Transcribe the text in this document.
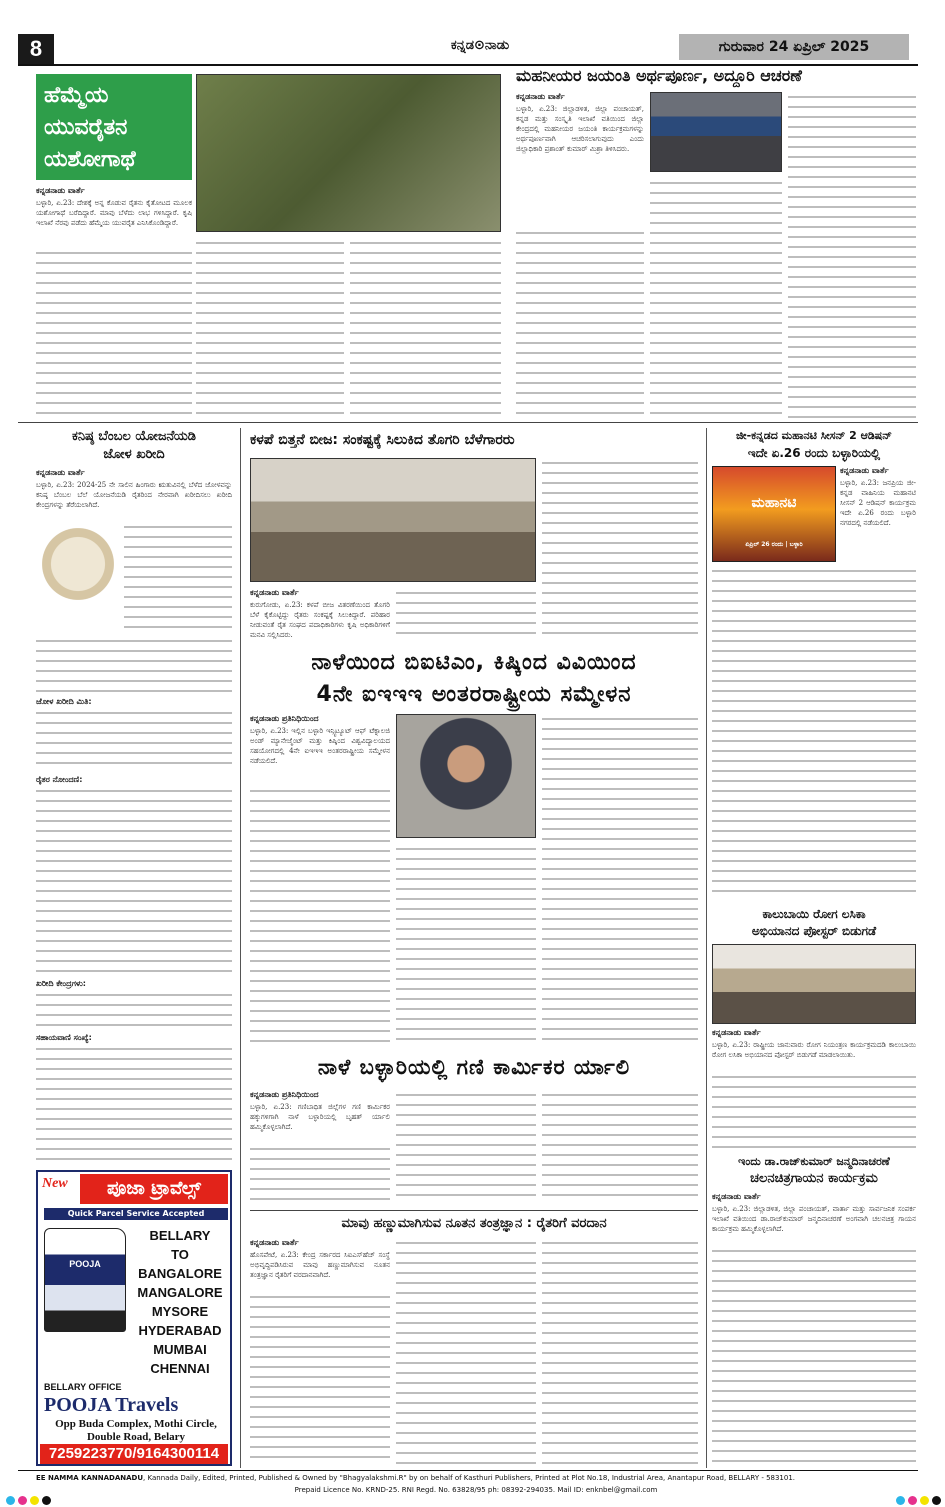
8	ಕನ್ನಡ⊙ನಾಡು	ಗುರುವಾರ 24 ಏಪ್ರಿಲ್ 2025
ಹೆಮ್ಮೆಯ
ಯುವರೈತನ
ಯಶೋಗಾಥೆ
ಕನ್ನಡನಾಡು ವಾರ್ತೆ
ಬಳ್ಳಾರಿ, ಏ.23: ದೇಶಕ್ಕೆ ಅನ್ನ ಕೊಡುವ ರೈತನು ಕೈತೋಟದ ಮೂಲಕ ಯಶೋಗಾಥೆ ಬರೆದಿದ್ದಾರೆ. ಮಾವು ಬೆಳೆದು ಲಾಭ ಗಳಿಸಿದ್ದಾರೆ. ಕೃಷಿ ಇಲಾಖೆ ನೆರವು ಪಡೆದು ಹೆಮ್ಮೆಯ ಯುವರೈತ ಎನಿಸಿಕೊಂಡಿದ್ದಾರೆ.
ಮಹನೀಯರ ಜಯಂತಿ ಅರ್ಥಪೂರ್ಣ, ಅದ್ದೂರಿ ಆಚರಣೆ
ಕನ್ನಡನಾಡು ವಾರ್ತೆ
ಬಳ್ಳಾರಿ, ಏ.23: ಜಿಲ್ಲಾಡಳಿತ, ಜಿಲ್ಲಾ ಪಂಚಾಯತ್, ಕನ್ನಡ ಮತ್ತು ಸಂಸ್ಕೃತಿ ಇಲಾಖೆ ವತಿಯಿಂದ ಜಿಲ್ಲಾ ಕೇಂದ್ರದಲ್ಲಿ ಮಹನೀಯರ ಜಯಂತಿ ಕಾರ್ಯಕ್ರಮಗಳನ್ನು ಅರ್ಥಪೂರ್ಣವಾಗಿ ಆಚರಿಸಲಾಗುವುದು ಎಂದು ಜಿಲ್ಲಾಧಿಕಾರಿ ಪ್ರಶಾಂತ್ ಕುಮಾರ್ ಮಿಶ್ರಾ ತಿಳಿಸಿದರು.
ಕನಿಷ್ಠ ಬೆಂಬಲ ಯೋಜನೆಯಡಿ
ಜೋಳ ಖರೀದಿ
ಕನ್ನಡನಾಡು ವಾರ್ತೆ
ಬಳ್ಳಾರಿ, ಏ.23: 2024-25 ನೇ ಸಾಲಿನ ಹಿಂಗಾರು ಋತುವಿನಲ್ಲಿ ಬೆಳೆದ ಜೋಳವನ್ನು ಕನಿಷ್ಠ ಬೆಂಬಲ ಬೆಲೆ ಯೋಜನೆಯಡಿ ರೈತರಿಂದ ನೇರವಾಗಿ ಖರೀದಿಸಲು ಖರೀದಿ ಕೇಂದ್ರಗಳನ್ನು ತೆರೆಯಲಾಗಿದೆ.
ಜೋಳ ಖರೀದಿ ಮಿತಿ:
ರೈತರ ನೋಂದಣಿ:
ಖರೀದಿ ಕೇಂದ್ರಗಳು:
ಸಹಾಯವಾಣಿ ಸಂಖ್ಯೆ:
ಕಳಪೆ ಬಿತ್ತನೆ ಬೀಜ: ಸಂಕಷ್ಟಕ್ಕೆ ಸಿಲುಕಿದ ತೊಗರಿ ಬೆಳೆಗಾರರು
ಕನ್ನಡನಾಡು ವಾರ್ತೆ
ಕುರುಗೋಡು, ಏ.23: ಕಳಪೆ ಬೀಜ ವಿತರಣೆಯಿಂದ ತೊಗರಿ ಬೆಳೆ ಕೈಕೊಟ್ಟಿದ್ದು ರೈತರು ಸಂಕಷ್ಟಕ್ಕೆ ಸಿಲುಕಿದ್ದಾರೆ. ಪರಿಹಾರ ನೀಡುವಂತೆ ರೈತ ಸಂಘದ ಪದಾಧಿಕಾರಿಗಳು ಕೃಷಿ ಅಧಿಕಾರಿಗಳಿಗೆ ಮನವಿ ಸಲ್ಲಿಸಿದರು.
ಜೀ-ಕನ್ನಡದ ಮಹಾನಟಿ ಸೀಸನ್ 2 ಆಡಿಷನ್
ಇದೇ ಏ.26 ರಂದು ಬಳ್ಳಾರಿಯಲ್ಲಿ
ಮಹಾನಟಿ
ಏಪ್ರಿಲ್ 26 ರಂದು | ಬಳ್ಳಾರಿ
ಕನ್ನಡನಾಡು ವಾರ್ತೆ
ಬಳ್ಳಾರಿ, ಏ.23: ಜನಪ್ರಿಯ ಜೀ-ಕನ್ನಡ ವಾಹಿನಿಯ ಮಹಾನಟಿ ಸೀಸನ್ 2 ಆಡಿಷನ್ ಕಾರ್ಯಕ್ರಮ ಇದೇ ಏ.26 ರಂದು ಬಳ್ಳಾರಿ ನಗರದಲ್ಲಿ ನಡೆಯಲಿದೆ.
ನಾಳೆಯಿಂದ ಬಿಐಟಿಎಂ, ಕಿಷ್ಕಿಂದ ವಿವಿಯಿಂದ
4ನೇ ಐಇಇಇ ಅಂತರರಾಷ್ಟ್ರೀಯ ಸಮ್ಮೇಳನ
ಕನ್ನಡನಾಡು ಪ್ರತಿನಿಧಿಯಿಂದ
ಬಳ್ಳಾರಿ, ಏ.23: ಇಲ್ಲಿನ ಬಳ್ಳಾರಿ ಇನ್ಸ್ಟಿಟ್ಯೂಟ್ ಆಫ್ ಟೆಕ್ನಾಲಜಿ ಅಂಡ್ ಮ್ಯಾನೇಜ್ಮೆಂಟ್ ಮತ್ತು ಕಿಷ್ಕಿಂದ ವಿಶ್ವವಿದ್ಯಾಲಯದ ಸಹಯೋಗದಲ್ಲಿ 4ನೇ ಐಇಇಇ ಅಂತರರಾಷ್ಟ್ರೀಯ ಸಮ್ಮೇಳನ ನಡೆಯಲಿದೆ.
ಕಾಲುಬಾಯಿ ರೋಗ ಲಸಿಕಾ
ಅಭಿಯಾನದ ಪೋಸ್ಟರ್ ಬಿಡುಗಡೆ
ಕನ್ನಡನಾಡು ವಾರ್ತೆ
ಬಳ್ಳಾರಿ, ಏ.23: ರಾಷ್ಟ್ರೀಯ ಜಾನುವಾರು ರೋಗ ನಿಯಂತ್ರಣ ಕಾರ್ಯಕ್ರಮದಡಿ ಕಾಲುಬಾಯಿ ರೋಗ ಲಸಿಕಾ ಅಭಿಯಾನದ ಪೋಸ್ಟರ್ ಬಿಡುಗಡೆ ಮಾಡಲಾಯಿತು.
ನಾಳೆ ಬಳ್ಳಾರಿಯಲ್ಲಿ ಗಣಿ ಕಾರ್ಮಿಕರ ರ್ಯಾಲಿ
ಕನ್ನಡನಾಡು ಪ್ರತಿನಿಧಿಯಿಂದ
ಬಳ್ಳಾರಿ, ಏ.23: ಗಣಿಬಾಧಿತ ಜಿಲ್ಲೆಗಳ ಗಣಿ ಕಾರ್ಮಿಕರ ಹಕ್ಕುಗಳಿಗಾಗಿ ನಾಳೆ ಬಳ್ಳಾರಿಯಲ್ಲಿ ಬೃಹತ್ ರ್ಯಾಲಿ ಹಮ್ಮಿಕೊಳ್ಳಲಾಗಿದೆ.
ಇಂದು ಡಾ.ರಾಜ್‌ಕುಮಾರ್ ಜನ್ಮದಿನಾಚರಣೆ
ಚಲನಚಿತ್ರಗಾಯನ ಕಾರ್ಯಕ್ರಮ
ಕನ್ನಡನಾಡು ವಾರ್ತೆ
ಬಳ್ಳಾರಿ, ಏ.23: ಜಿಲ್ಲಾಡಳಿತ, ಜಿಲ್ಲಾ ಪಂಚಾಯತ್, ವಾರ್ತಾ ಮತ್ತು ಸಾರ್ವಜನಿಕ ಸಂಪರ್ಕ ಇಲಾಖೆ ವತಿಯಿಂದ ಡಾ.ರಾಜ್‌ಕುಮಾರ್ ಜನ್ಮದಿನಾಚರಣೆ ಅಂಗವಾಗಿ ಚಲನಚಿತ್ರ ಗಾಯನ ಕಾರ್ಯಕ್ರಮ ಹಮ್ಮಿಕೊಳ್ಳಲಾಗಿದೆ.
ಮಾವು ಹಣ್ಣುಮಾಗಿಸುವ ನೂತನ ತಂತ್ರಜ್ಞಾನ : ರೈತರಿಗೆ ವರದಾನ
ಕನ್ನಡನಾಡು ವಾರ್ತೆ
ಹೊಸಪೇಟೆ, ಏ.23: ಕೇಂದ್ರ ಸರ್ಕಾರದ ಸಿಐಎಸ್‌ಹೆಚ್ ಸಂಸ್ಥೆ ಅಭಿವೃದ್ಧಿಪಡಿಸಿರುವ ಮಾವು ಹಣ್ಣುಮಾಗಿಸುವ ನೂತನ ತಂತ್ರಜ್ಞಾನ ರೈತರಿಗೆ ವರದಾನವಾಗಿದೆ.
New	ಪೂಜಾ ಟ್ರಾವೆಲ್ಸ್
Quick Parcel Service Accepted
POOJA
BELLARY
TO
BANGALORE
MANGALORE
MYSORE
HYDERABAD
MUMBAI
CHENNAI
BELLARY OFFICE
POOJA Travels
Opp Buda Complex, Mothi Circle,
Double Road, Belary
7259223770/9164300114
EE NAMMA KANNADANADU, Kannada Daily, Edited, Printed, Published & Owned by "Bhagyalakshmi.R" by on behalf of Kasthuri Publishers, Printed at Plot No.18, Industrial Area, Anantapur Road, BELLARY - 583101.
Prepaid Licence No. KRND-25. RNI Regd. No. 63828/95 ph: 08392-294035. Mail ID: enknbel@gmail.com
